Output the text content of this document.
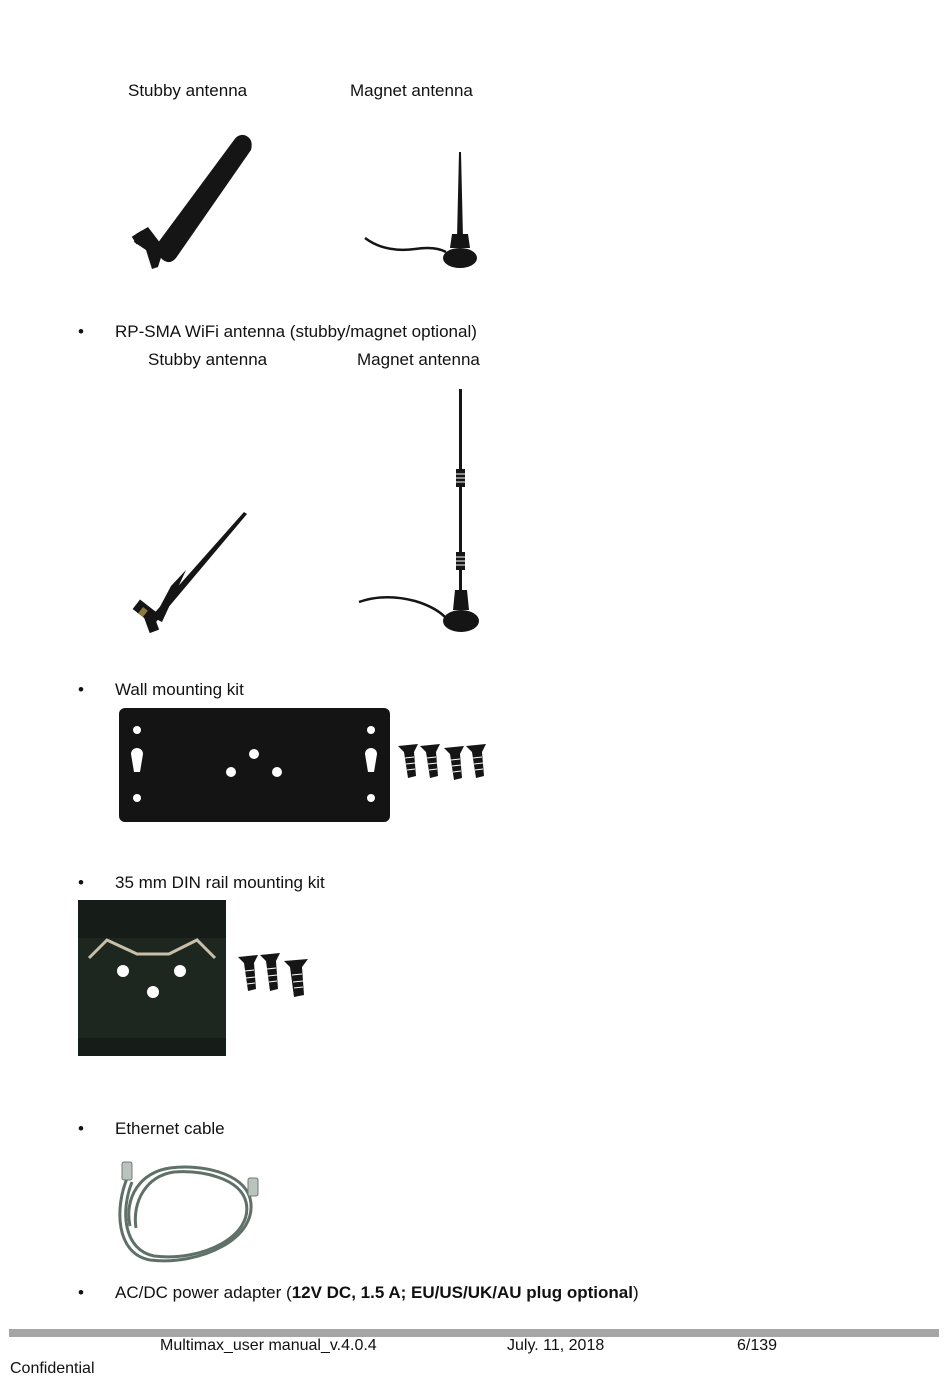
Stubby antenna	Magnet antenna
• RP-SMA WiFi antenna (stubby/magnet optional)
Stubby antenna	Magnet antenna
• Wall mounting kit
• 35 mm DIN rail mounting kit
• Ethernet cable
• AC/DC power adapter (12V DC, 1.5 A; EU/US/UK/AU plug optional)
Multimax_user manual_v.4.0.4	July. 11, 2018	6/139
Confidential
